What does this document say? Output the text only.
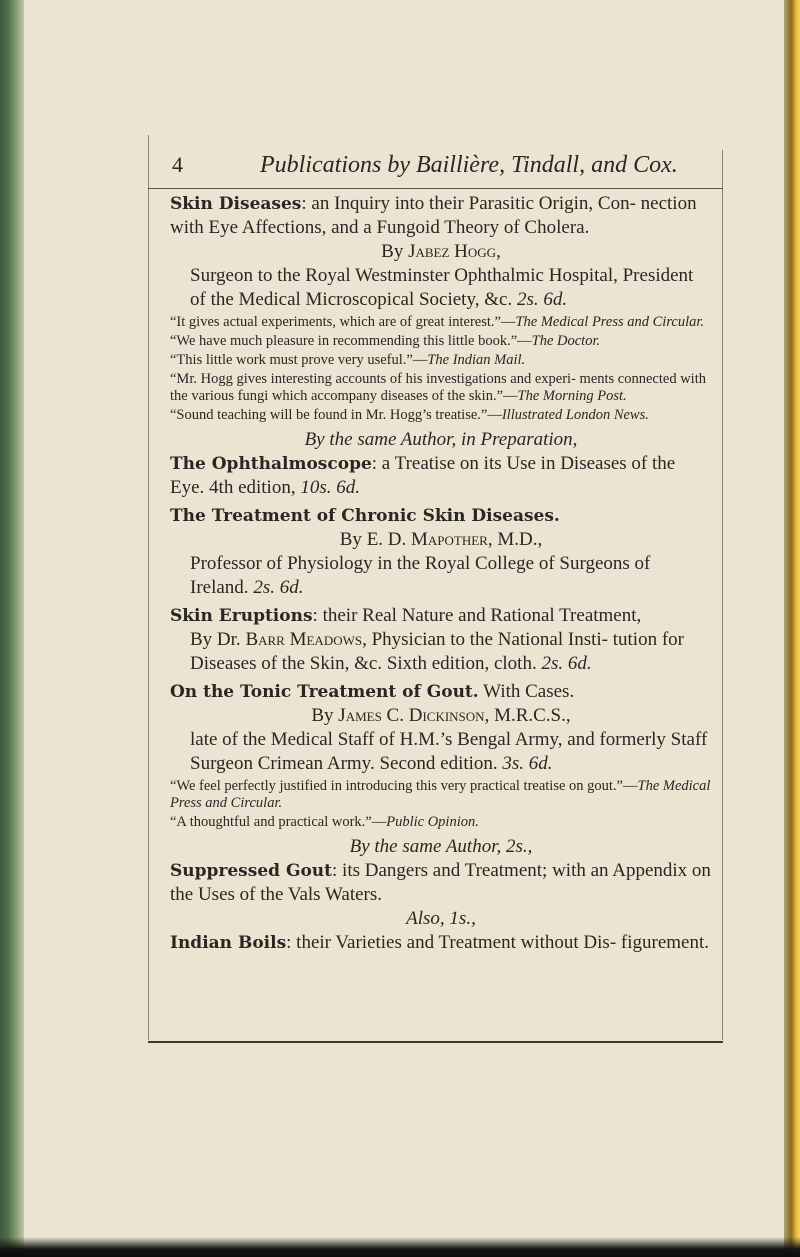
4	Publications by Baillière, Tindall, and Cox.

Skin Diseases: an Inquiry into their Parasitic Origin, Con- nection with Eye Affections, and a Fungoid Theory of Cholera.

By Jabez Hogg,

Surgeon to the Royal Westminster Ophthalmic Hospital, President of the Medical Microscopical Society, &c. 2s. 6d.

“It gives actual experiments, which are of great interest.”—The Medical Press and Circular.

“We have much pleasure in recommending this little book.”—The Doctor.

“This little work must prove very useful.”—The Indian Mail.

“Mr. Hogg gives interesting accounts of his investigations and experi- ments connected with the various fungi which accompany diseases of the skin.”—The Morning Post.

“Sound teaching will be found in Mr. Hogg’s treatise.”—Illustrated London News.

By the same Author, in Preparation,

The Ophthalmoscope: a Treatise on its Use in Diseases of the Eye. 4th edition, 10s. 6d.

The Treatment of Chronic Skin Diseases.

By E. D. Mapother, M.D.,

Professor of Physiology in the Royal College of Surgeons of Ireland. 2s. 6d.

Skin Eruptions: their Real Nature and Rational Treatment,

By Dr. Barr Meadows, Physician to the National Insti- tution for Diseases of the Skin, &c. Sixth edition, cloth. 2s. 6d.

On the Tonic Treatment of Gout. With Cases.

By James C. Dickinson, M.R.C.S.,

late of the Medical Staff of H.M.’s Bengal Army, and formerly Staff Surgeon Crimean Army. Second edition. 3s. 6d.

“We feel perfectly justified in introducing this very practical treatise on gout.”—The Medical Press and Circular.

“A thoughtful and practical work.”—Public Opinion.

By the same Author, 2s.,

Suppressed Gout: its Dangers and Treatment; with an Appendix on the Uses of the Vals Waters.

Also, 1s.,

Indian Boils: their Varieties and Treatment without Dis- figurement.
